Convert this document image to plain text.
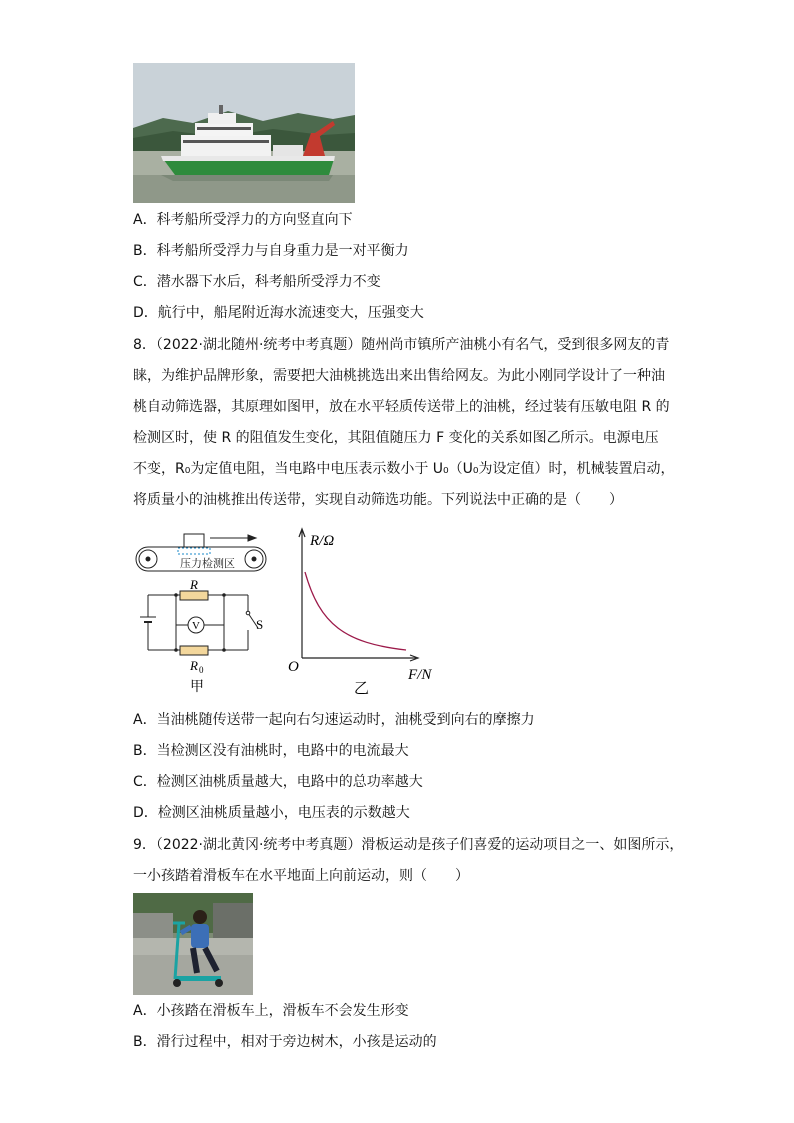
A．科考船所受浮力的方向竖直向下
B．科考船所受浮力与自身重力是一对平衡力
C．潜水器下水后，科考船所受浮力不变
D．航行中，船尾附近海水流速变大，压强变大
8．（2022·湖北随州·统考中考真题）随州尚市镇所产油桃小有名气，受到很多网友的青
睐，为维护品牌形象，需要把大油桃挑选出来出售给网友。为此小刚同学设计了一种油
桃自动筛选器，其原理如图甲，放在水平轻质传送带上的油桃，经过装有压敏电阻 R 的
检测区时，使 R 的阻值发生变化，其阻值随压力 F 变化的关系如图乙所示。电源电压
不变，R₀为定值电阻，当电路中电压表示数小于 U₀（U₀为设定值）时，机械装置启动，
将质量小的油桃推出传送带，实现自动筛选功能。下列说法中正确的是（　　）
压力检测区
R
V	S
R 0
甲
R/Ω
O	F/N
乙
A．当油桃随传送带一起向右匀速运动时，油桃受到向右的摩擦力
B．当检测区没有油桃时，电路中的电流最大
C．检测区油桃质量越大，电路中的总功率越大
D．检测区油桃质量越小，电压表的示数越大
9．（2022·湖北黄冈·统考中考真题）滑板运动是孩子们喜爱的运动项目之一、如图所示，
一小孩踏着滑板车在水平地面上向前运动，则（　　）
A．小孩踏在滑板车上，滑板车不会发生形变
B．滑行过程中，相对于旁边树木，小孩是运动的
